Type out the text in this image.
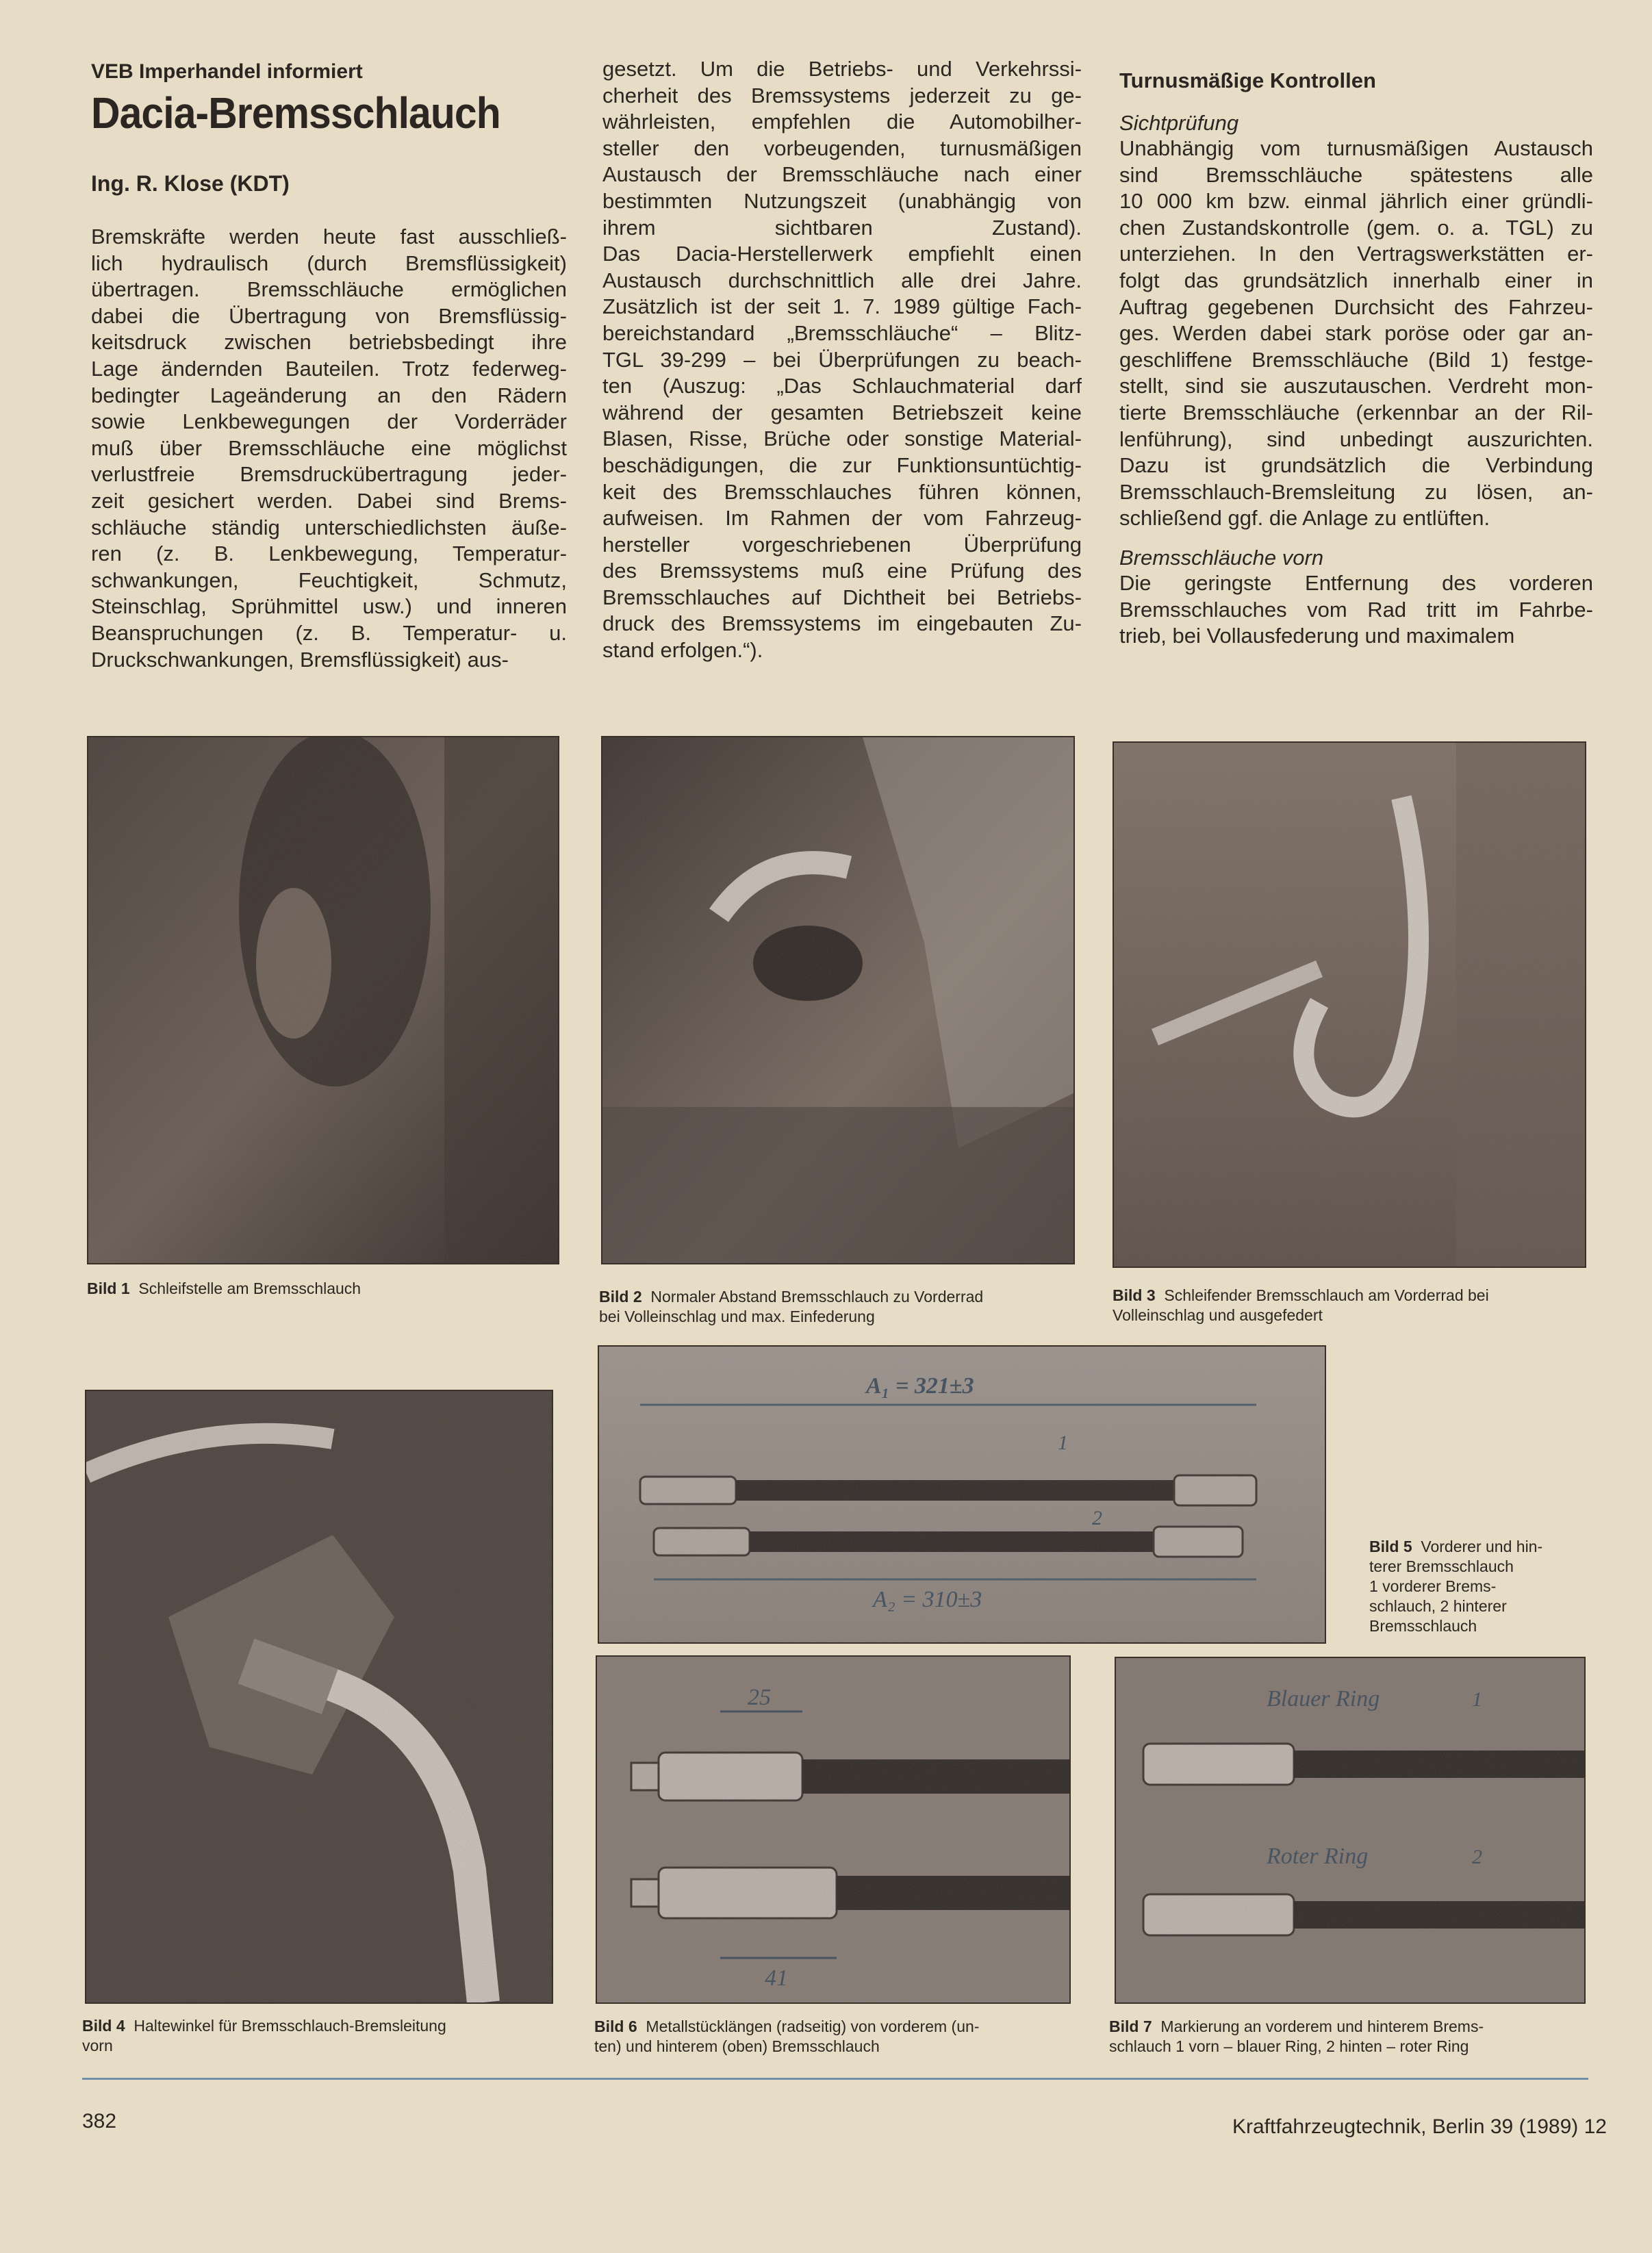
VEB Imperhandel informiert
Dacia-Bremsschlauch
Ing. R. Klose (KDT)

Bremskräfte werden heute fast ausschließ-

lich hydraulisch (durch Bremsflüssigkeit)

übertragen. Bremsschläuche ermöglichen

dabei die Übertragung von Bremsflüssig-

keitsdruck zwischen betriebsbedingt ihre

Lage ändernden Bauteilen. Trotz federweg-

bedingter Lageänderung an den Rädern

sowie Lenkbewegungen der Vorderräder

muß über Bremsschläuche eine möglichst

verlustfreie Bremsdruckübertragung jeder-

zeit gesichert werden. Dabei sind Brems-

schläuche ständig unterschiedlichsten äuße-

ren (z. B. Lenkbewegung, Temperatur-

schwankungen, Feuchtigkeit, Schmutz,

Steinschlag, Sprühmittel usw.) und inneren

Beanspruchungen (z. B. Temperatur- u.

Druckschwankungen, Bremsflüssigkeit) aus-

gesetzt. Um die Betriebs- und Verkehrssi-

cherheit des Bremssystems jederzeit zu ge-

währleisten, empfehlen die Automobilher-

steller den vorbeugenden, turnusmäßigen

Austausch der Bremsschläuche nach einer

bestimmten Nutzungszeit (unabhängig von

ihrem sichtbaren Zustand).

Das Dacia-Herstellerwerk empfiehlt einen

Austausch durchschnittlich alle drei Jahre.

Zusätzlich ist der seit 1. 7. 1989 gültige Fach-

bereichstandard „Bremsschläuche“ – Blitz-

TGL 39-299 – bei Überprüfungen zu beach-

ten (Auszug: „Das Schlauchmaterial darf

während der gesamten Betriebszeit keine

Blasen, Risse, Brüche oder sonstige Material-

beschädigungen, die zur Funktionsuntüchtig-

keit des Bremsschlauches führen können,

aufweisen. Im Rahmen der vom Fahrzeug-

hersteller vorgeschriebenen Überprüfung

des Bremssystems muß eine Prüfung des

Bremsschlauches auf Dichtheit bei Betriebs-

druck des Bremssystems im eingebauten Zu-

stand erfolgen.“).

Turnusmäßige Kontrollen
Sichtprüfung

Unabhängig vom turnusmäßigen Austausch

sind Bremsschläuche spätestens alle

10 000 km bzw. einmal jährlich einer gründli-

chen Zustandskontrolle (gem. o. a. TGL) zu

unterziehen. In den Vertragswerkstätten er-

folgt das grundsätzlich innerhalb einer in

Auftrag gegebenen Durchsicht des Fahrzeu-

ges. Werden dabei stark poröse oder gar an-

geschliffene Bremsschläuche (Bild 1) festge-

stellt, sind sie auszutauschen. Verdreht mon-

tierte Bremsschläuche (erkennbar an der Ril-

lenführung), sind unbedingt auszurichten.

Dazu ist grundsätzlich die Verbindung

Bremsschlauch-Bremsleitung zu lösen, an-

schließend ggf. die Anlage zu entlüften.

Bremsschläuche vorn

Die geringste Entfernung des vorderen

Bremsschlauches vom Rad tritt im Fahrbe-

trieb, bei Vollausfederung und maximalem

Bild 1 Schleifstelle am Bremsschlauch	Bild 2 Normaler Abstand Bremsschlauch zu Vorderrad
bei Volleinschlag und max. Einfederung
Bild 3 Schleifender Bremsschlauch am Vorderrad bei
Volleinschlag und ausgefedert
Bild 4 Haltewinkel für Bremsschlauch-Bremsleitung
vorn
Bild 5 Vorderer und hin-
terer Bremsschlauch
1 vorderer Brems-
schlauch, 2 hinterer
Bremsschlauch
Bild 6 Metallstücklängen (radseitig) von vorderem (un-
ten) und hinterem (oben) Bremsschlauch
Bild 7 Markierung an vorderem und hinterem Brems-
schlauch 1 vorn – blauer Ring, 2 hinten – roter Ring
382	Kraftfahrzeugtechnik, Berlin 39 (1989) 12
